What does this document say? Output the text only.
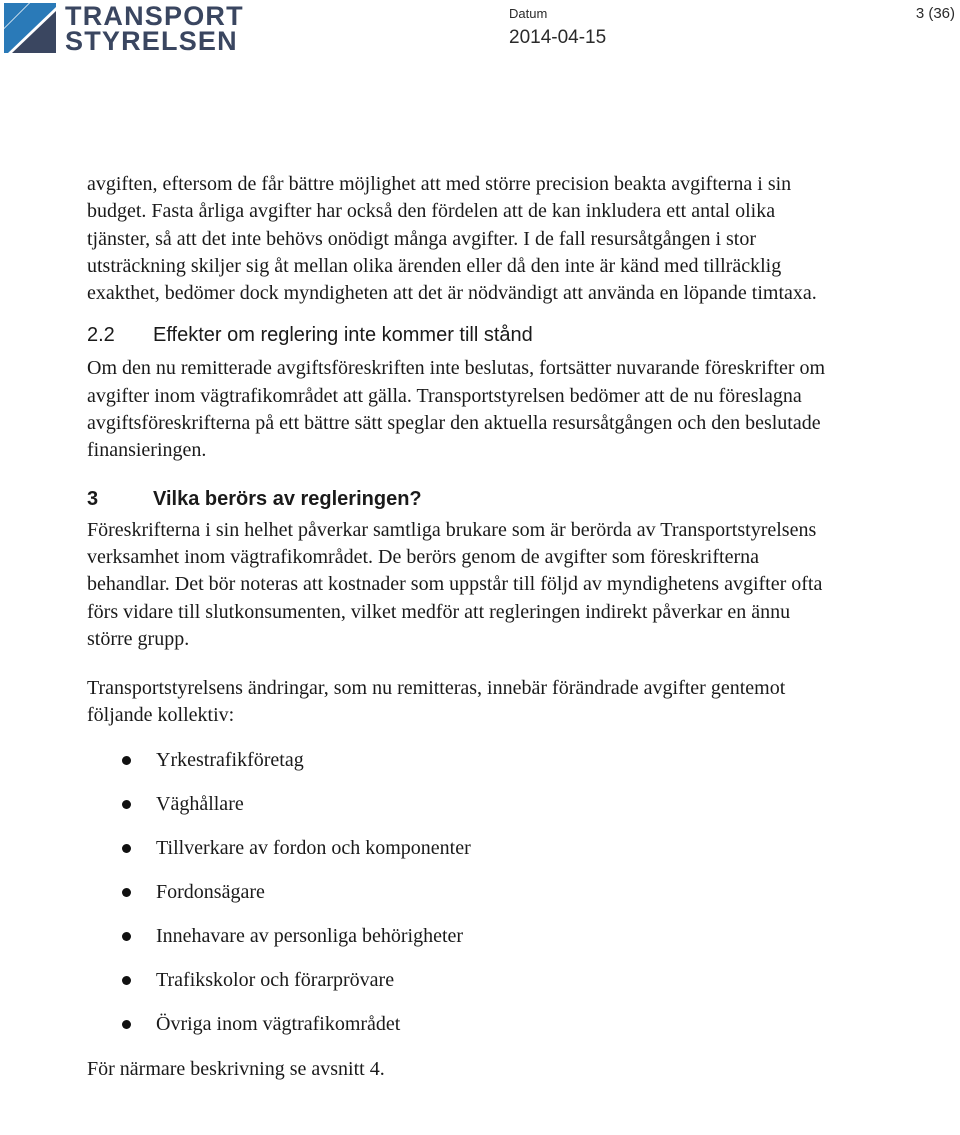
TRANSPORT
STYRELSEN
Datum
2014-04-15
3 (36)

avgiften, eftersom de får bättre möjlighet att med större precision beakta avgifterna i sin budget. Fasta årliga avgifter har också den fördelen att de kan inkludera ett antal olika tjänster, så att det inte behövs onödigt många avgifter. I de fall resursåtgången i stor utsträckning skiljer sig åt mellan olika ärenden eller då den inte är känd med tillräcklig exakthet, bedömer dock myndigheten att det är nödvändigt att använda en löpande timtaxa.

2.2	Effekter om reglering inte kommer till stånd

Om den nu remitterade avgiftsföreskriften inte beslutas, fortsätter nuvarande föreskrifter om avgifter inom vägtrafikområdet att gälla. Transportstyrelsen bedömer att de nu föreslagna avgiftsföreskrifterna på ett bättre sätt speglar den aktuella resursåtgången och den beslutade finansieringen.

3	Vilka berörs av regleringen?

Föreskrifterna i sin helhet påverkar samtliga brukare som är berörda av Transportstyrelsens verksamhet inom vägtrafikområdet. De berörs genom de avgifter som föreskrifterna behandlar. Det bör noteras att kostnader som uppstår till följd av myndighetens avgifter ofta förs vidare till slutkonsumenten, vilket medför att regleringen indirekt påverkar en ännu större grupp.

Transportstyrelsens ändringar, som nu remitteras, innebär förändrade avgifter gentemot följande kollektiv:

Yrkestrafikföretag
Väghållare
Tillverkare av fordon och komponenter
Fordonsägare
Innehavare av personliga behörigheter
Trafikskolor och förarprövare
Övriga inom vägtrafikområdet

För närmare beskrivning se avsnitt 4.
